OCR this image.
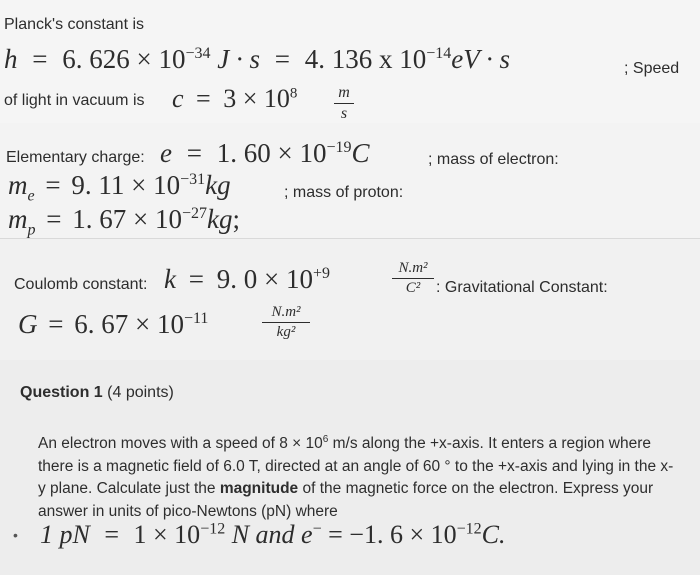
Planck's constant is
h = 6. $626 \times 10^{-34}$ J · s = 4. 136 x $10^{-14}eV \cdot s$	; Speed
of light in vacuum is $c = 3 \times 10^8$	m
s
Elementary charge: e = 1. $60 \times 10^{-19}C$	; mass of electron:
$m_e = 9$. $11 \times 10^{-31}kg$	; mass of proton:
$m_p = 1$. $67 \times 10^{-27}kg$;
Coulomb constant: k = 9. $0 \times 10^{+9}$	N.m²
C² : Gravitational Constant:
G = 6. $67 \times 10^{-11}$	N.m²
kg²
Question 1 (4 points)
An electron moves with a speed of $8 \times 10^6$ m/s along the +x-axis. It enters a region where there is a magnetic field of 6.0 T, directed at an angle of 60 ° to the +x-axis and lying in the x-y plane. Calculate just the magnitude of the magnetic force on the electron. Express your answer in units of pico-Newtons (pN) where
• 1 pN = $1 \times 10^{-12}$ N and e− = −1. $6 \times 10^{-12}C$.
